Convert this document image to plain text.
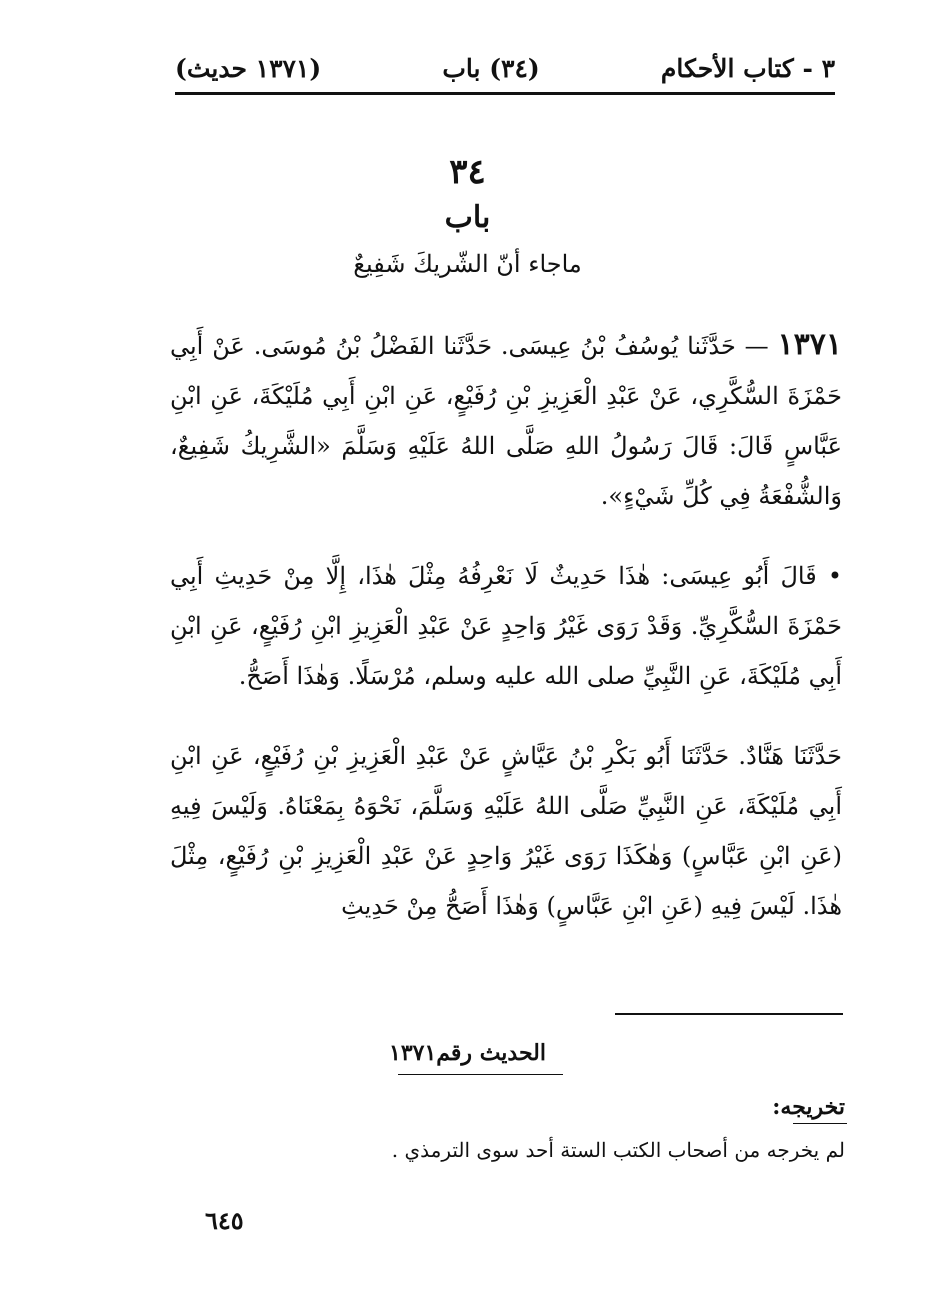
٣ - كتاب الأحكام
(٣٤) باب
(١٣٧١ حديث)
٣٤
باب
ماجاء أنّ الشّريكَ شَفِيعٌ

١٣٧١ — حَدَّثَنا يُوسُفُ بْنُ عِيسَى. حَدَّثَنا الفَضْلُ بْنُ مُوسَى. عَنْ أَبِي حَمْزَةَ السُّكَّرِي، عَنْ عَبْدِ الْعَزِيزِ بْنِ رُفَيْعٍ، عَنِ ابْنِ أَبِي مُلَيْكَةَ، عَنِ ابْنِ عَبَّاسٍ قَالَ: قَالَ رَسُولُ اللهِ صَلَّى اللهُ عَلَيْهِ وَسَلَّمَ «الشَّرِيكُ شَفِيعٌ، وَالشُّفْعَةُ فِي كُلِّ شَيْءٍ».

• قَالَ أَبُو عِيسَى: هٰذَا حَدِيثٌ لَا نَعْرِفُهُ مِثْلَ هٰذَا، إِلَّا مِنْ حَدِيثِ أَبِي حَمْزَةَ السُّكَّرِيِّ. وَقَدْ رَوَى غَيْرُ وَاحِدٍ عَنْ عَبْدِ الْعَزِيزِ ابْنِ رُفَيْعٍ، عَنِ ابْنِ أَبِي مُلَيْكَةَ، عَنِ النَّبِيِّ صلى الله عليه وسلم، مُرْسَلًا. وَهٰذَا أَصَحُّ.

حَدَّثَنَا هَنَّادٌ. حَدَّثَنَا أَبُو بَكْرِ بْنُ عَيَّاشٍ عَنْ عَبْدِ الْعَزِيزِ بْنِ رُفَيْعٍ، عَنِ ابْنِ أَبِي مُلَيْكَةَ، عَنِ النَّبِيِّ صَلَّى اللهُ عَلَيْهِ وَسَلَّمَ، نَحْوَهُ بِمَعْنَاهُ. وَلَيْسَ فِيهِ (عَنِ ابْنِ عَبَّاسٍ) وَهٰكَذَا رَوَى غَيْرُ وَاحِدٍ عَنْ عَبْدِ الْعَزِيزِ بْنِ رُفَيْعٍ، مِثْلَ هٰذَا. لَيْسَ فِيهِ (عَنِ ابْنِ عَبَّاسٍ) وَهٰذَا أَصَحُّ مِنْ حَدِيثِ

الحديث رقم١٣٧١
تخريجه:
لم يخرجه من أصحاب الكتب الستة أحد سوى الترمذي .
٦٤٥
